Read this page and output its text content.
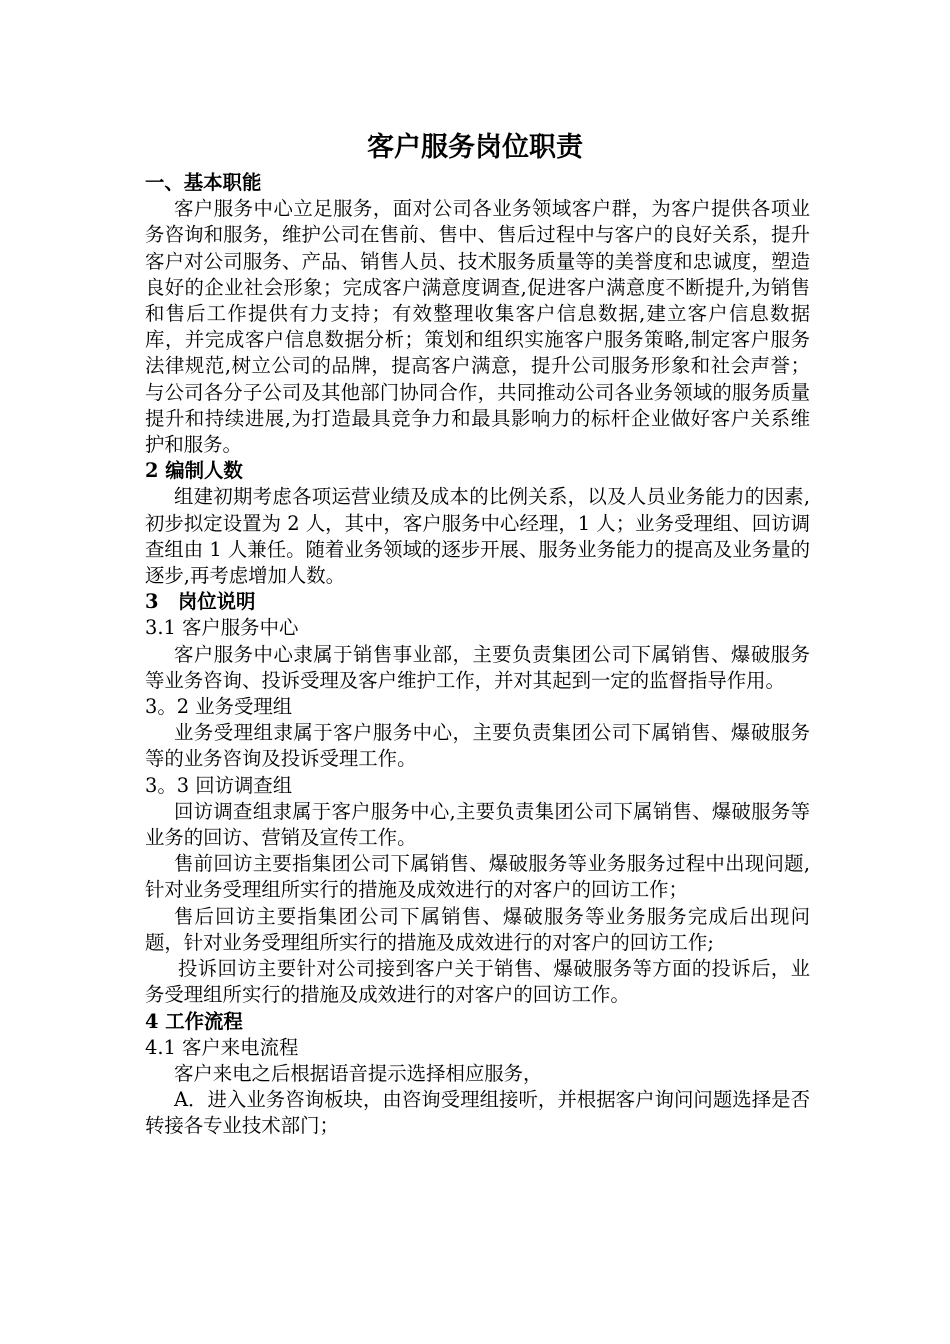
客户服务岗位职责
一、基本职能
客户服务中心立足服务，面对公司各业务领域客户群，为客户提供各项业务咨询和服务，维护公司在售前、售中、售后过程中与客户的良好关系，提升客户对公司服务、产品、销售人员、技术服务质量等的美誉度和忠诚度，塑造良好的企业社会形象；完成客户满意度调查,促进客户满意度不断提升,为销售和售后工作提供有力支持；有效整理收集客户信息数据,建立客户信息数据库，并完成客户信息数据分析；策划和组织实施客户服务策略,制定客户服务法律规范,树立公司的品牌，提高客户满意，提升公司服务形象和社会声誉；与公司各分子公司及其他部门协同合作，共同推动公司各业务领域的服务质量提升和持续进展,为打造最具竞争力和最具影响力的标杆企业做好客户关系维护和服务。
2 编制人数
组建初期考虑各项运营业绩及成本的比例关系，以及人员业务能力的因素,初步拟定设置为 2 人，其中，客户服务中心经理，1 人；业务受理组、回访调查组由 1 人兼任。随着业务领域的逐步开展、服务业务能力的提高及业务量的逐步,再考虑增加人数。
3　岗位说明
3.1 客户服务中心
客户服务中心隶属于销售事业部，主要负责集团公司下属销售、爆破服务等业务咨询、投诉受理及客户维护工作，并对其起到一定的监督指导作用。
3。2 业务受理组
业务受理组隶属于客户服务中心，主要负责集团公司下属销售、爆破服务等的业务咨询及投诉受理工作。
3。3 回访调查组
回访调查组隶属于客户服务中心,主要负责集团公司下属销售、爆破服务等业务的回访、营销及宣传工作。
售前回访主要指集团公司下属销售、爆破服务等业务服务过程中出现问题,针对业务受理组所实行的措施及成效进行的对客户的回访工作；
售后回访主要指集团公司下属销售、爆破服务等业务服务完成后出现问题，针对业务受理组所实行的措施及成效进行的对客户的回访工作;
投诉回访主要针对公司接到客户关于销售、爆破服务等方面的投诉后，业务受理组所实行的措施及成效进行的对客户的回访工作。
4 工作流程
4.1 客户来电流程
客户来电之后根据语音提示选择相应服务，
A．进入业务咨询板块，由咨询受理组接听，并根据客户询问问题选择是否转接各专业技术部门；
